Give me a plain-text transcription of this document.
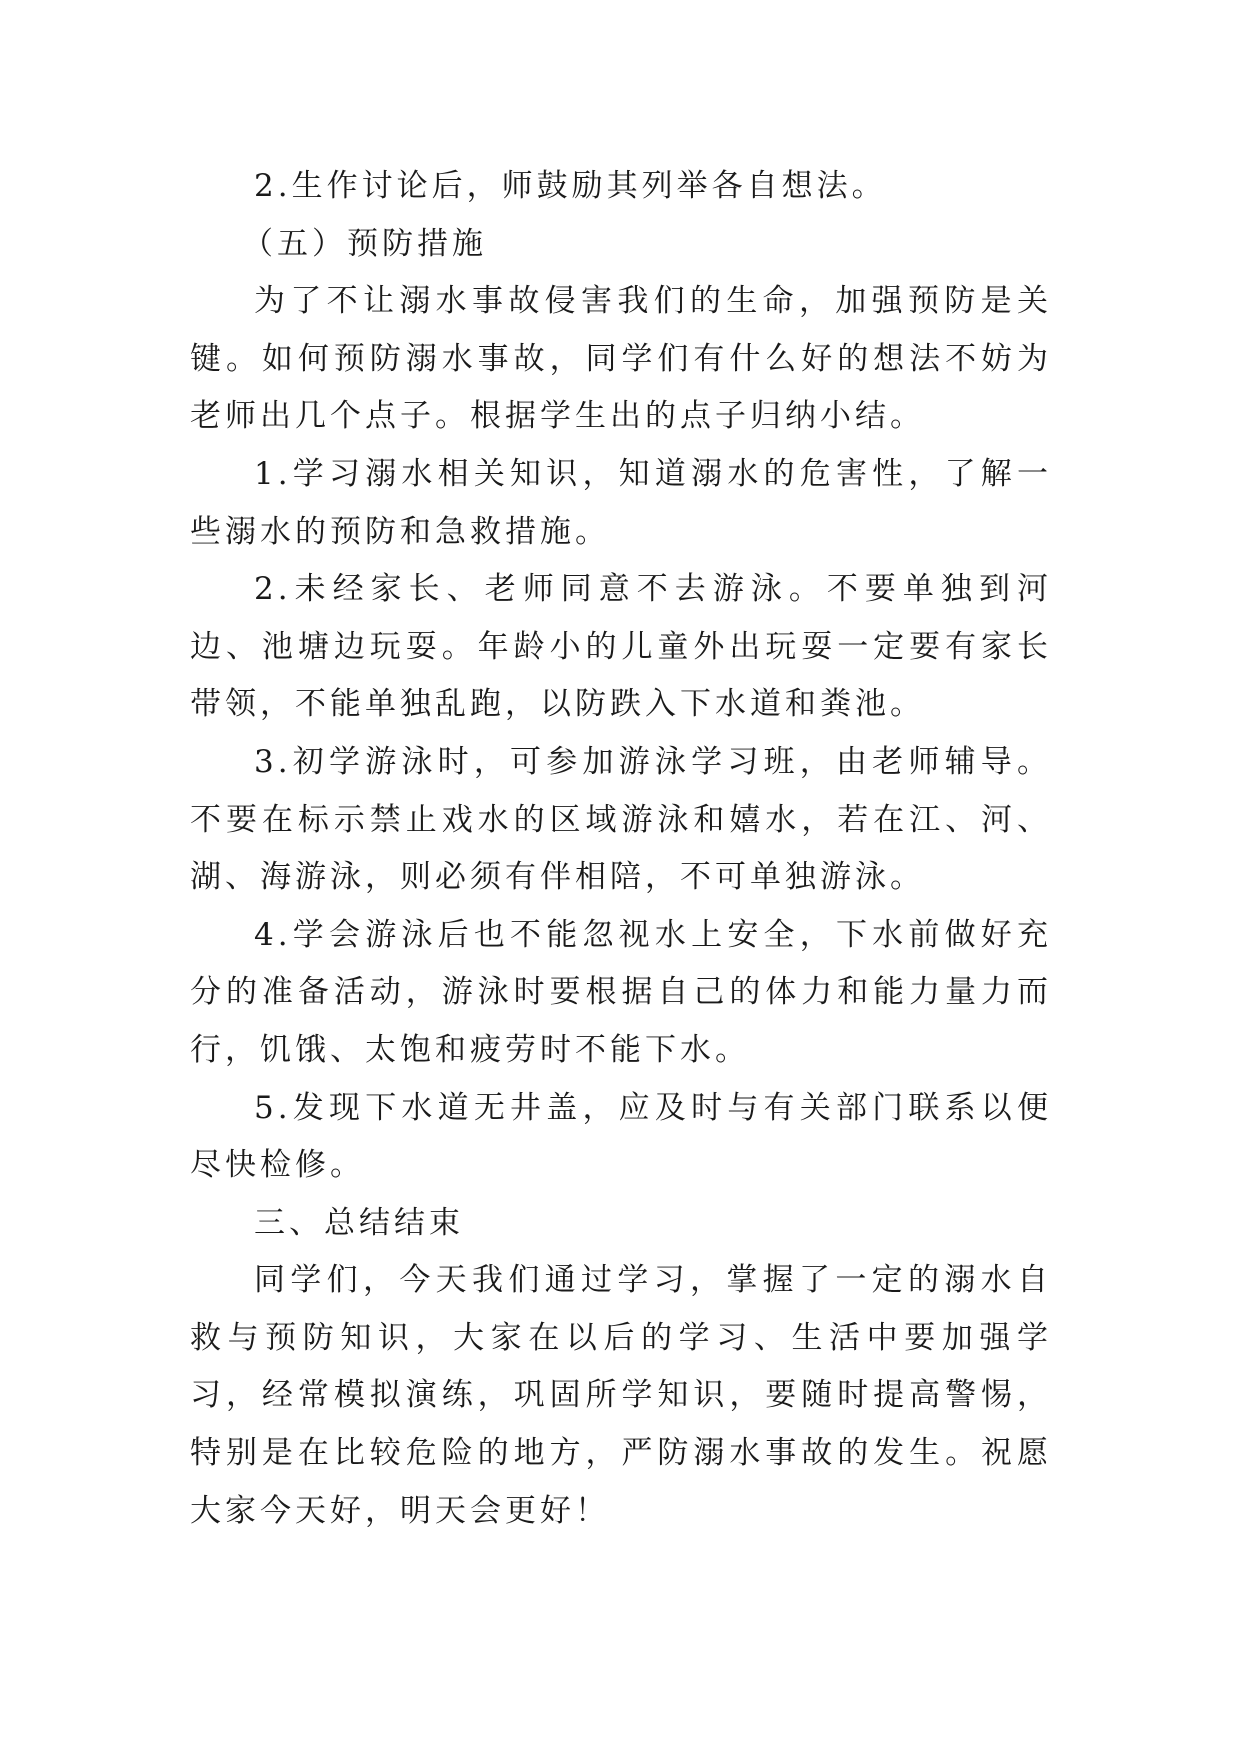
2.生作讨论后，师鼓励其列举各自想法。

（五）预防措施

为了不让溺水事故侵害我们的生命，加强预防是关键。如何预防溺水事故，同学们有什么好的想法不妨为老师出几个点子。根据学生出的点子归纳小结。

1.学习溺水相关知识，知道溺水的危害性，了解一些溺水的预防和急救措施。

2.未经家长、老师同意不去游泳。不要单独到河边、池塘边玩耍。年龄小的儿童外出玩耍一定要有家长带领，不能单独乱跑，以防跌入下水道和粪池。

3.初学游泳时，可参加游泳学习班，由老师辅导。不要在标示禁止戏水的区域游泳和嬉水，若在江、河、湖、海游泳，则必须有伴相陪，不可单独游泳。

4.学会游泳后也不能忽视水上安全，下水前做好充分的准备活动，游泳时要根据自己的体力和能力量力而行，饥饿、太饱和疲劳时不能下水。

5.发现下水道无井盖，应及时与有关部门联系以便尽快检修。

三、总结结束

同学们，今天我们通过学习，掌握了一定的溺水自救与预防知识，大家在以后的学习、生活中要加强学习，经常模拟演练，巩固所学知识，要随时提高警惕，特别是在比较危险的地方，严防溺水事故的发生。祝愿大家今天好，明天会更好！
